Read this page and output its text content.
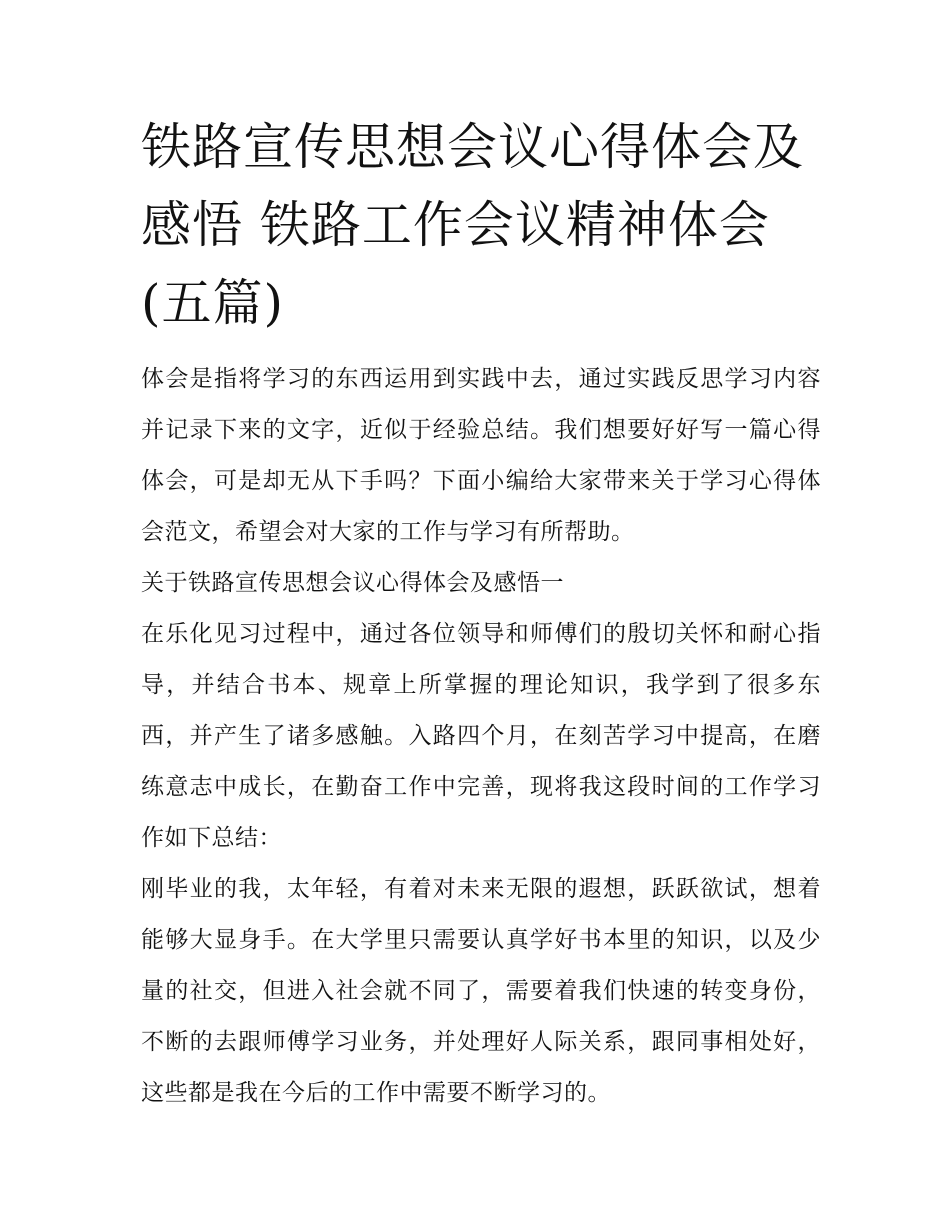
铁路宣传思想会议心得体会及感悟 铁路工作会议精神体会(五篇)

体会是指将学习的东西运用到实践中去，通过实践反思学习内容并记录下来的文字，近似于经验总结。我们想要好好写一篇心得体会，可是却无从下手吗？下面小编给大家带来关于学习心得体会范文，希望会对大家的工作与学习有所帮助。

关于铁路宣传思想会议心得体会及感悟一

在乐化见习过程中，通过各位领导和师傅们的殷切关怀和耐心指导，并结合书本、规章上所掌握的理论知识，我学到了很多东西，并产生了诸多感触。入路四个月，在刻苦学习中提高，在磨练意志中成长，在勤奋工作中完善，现将我这段时间的工作学习作如下总结：

刚毕业的我，太年轻，有着对未来无限的遐想，跃跃欲试，想着能够大显身手。在大学里只需要认真学好书本里的知识，以及少量的社交，但进入社会就不同了，需要着我们快速的转变身份，不断的去跟师傅学习业务，并处理好人际关系，跟同事相处好，这些都是我在今后的工作中需要不断学习的。
